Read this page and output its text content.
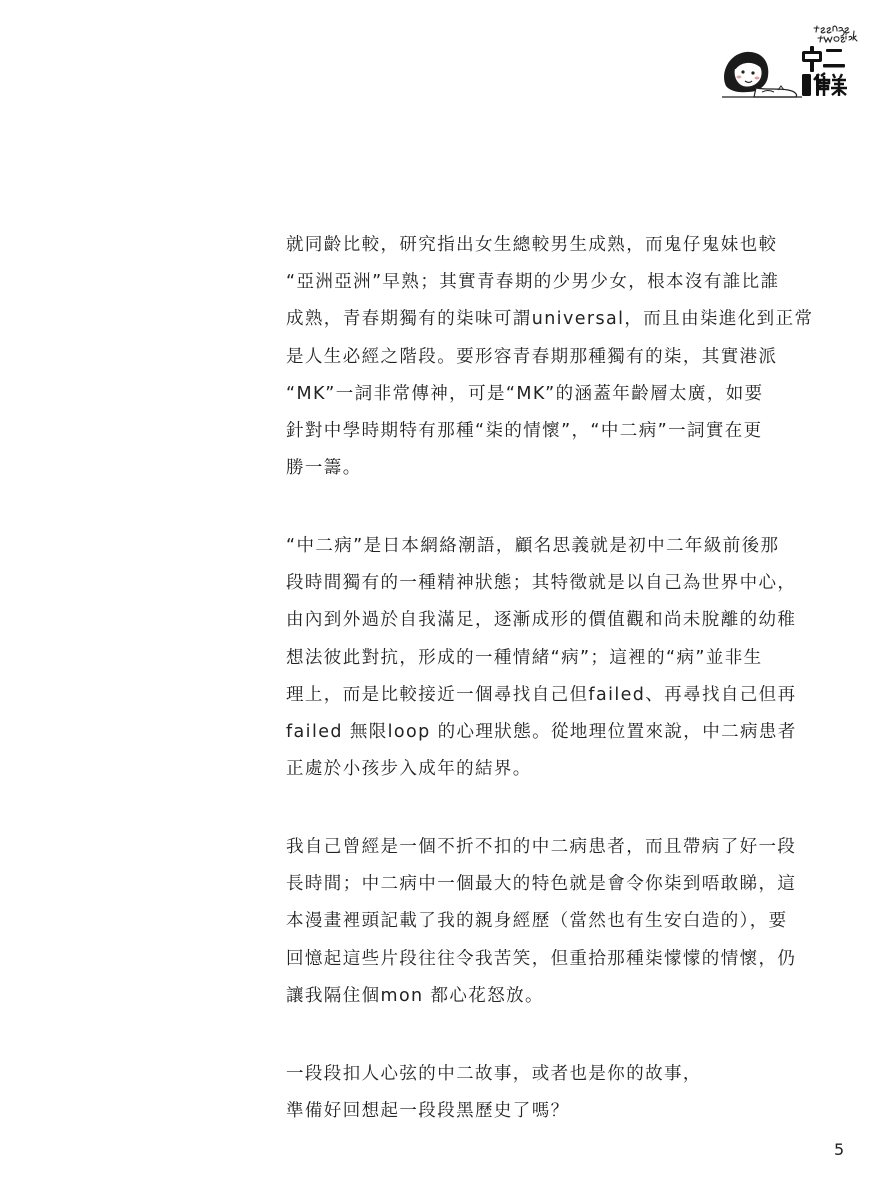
就同齡比較，研究指出女生總較男生成熟，而鬼仔鬼妹也較
“亞洲亞洲”早熟；其實青春期的少男少女，根本沒有誰比誰
成熟，青春期獨有的柒味可謂universal，而且由柒進化到正常
是人生必經之階段。要形容青春期那種獨有的柒，其實港派
“MK”一詞非常傳神，可是“MK”的涵蓋年齡層太廣，如要
針對中學時期特有那種“柒的情懷”，“中二病”一詞實在更
勝一籌。
“中二病”是日本網絡潮語，顧名思義就是初中二年級前後那
段時間獨有的一種精神狀態；其特徵就是以自己為世界中心，
由內到外過於自我滿足，逐漸成形的價值觀和尚未脫離的幼稚
想法彼此對抗，形成的一種情緒“病”；這裡的“病”並非生
理上，而是比較接近一個尋找自己但failed、再尋找自己但再
failed 無限loop 的心理狀態。從地理位置來說，中二病患者
正處於小孩步入成年的結界。
我自己曾經是一個不折不扣的中二病患者，而且帶病了好一段
長時間；中二病中一個最大的特色就是會令你柒到唔敢睇，這
本漫畫裡頭記載了我的親身經歷（當然也有生安白造的），要
回憶起這些片段往往令我苦笑，但重拾那種柒懞懞的情懷，仍
讓我隔住個mon 都心花怒放。
一段段扣人心弦的中二故事，或者也是你的故事，
準備好回想起一段段黑歷史了嗎？
5
